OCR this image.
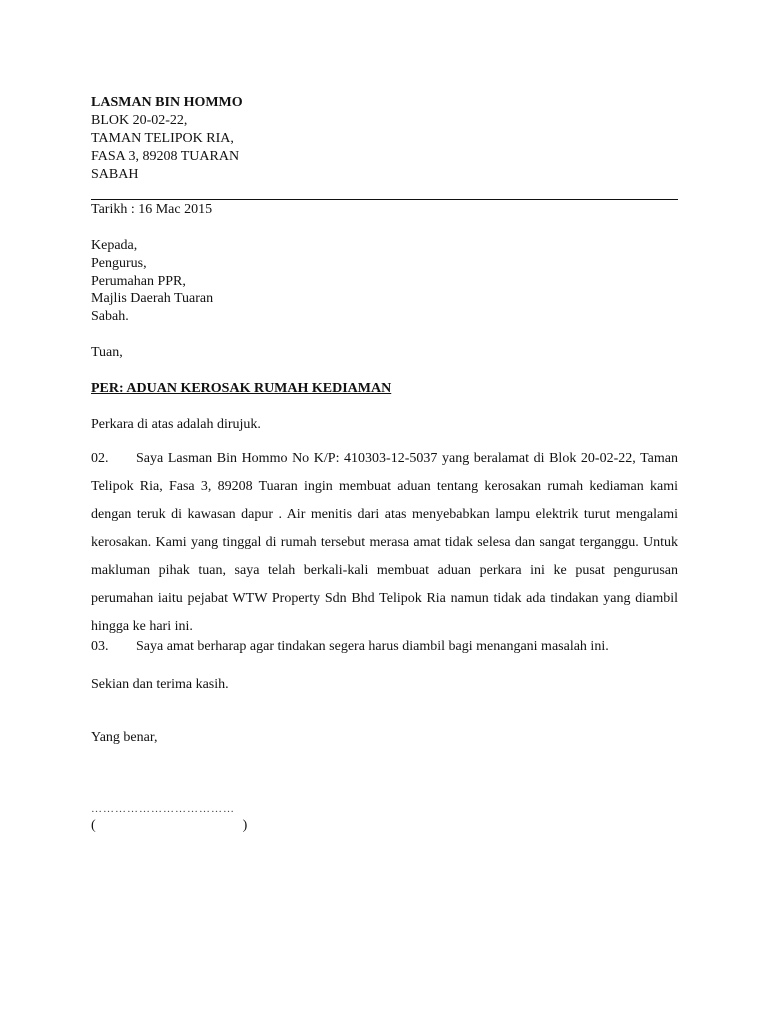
LASMAN BIN HOMMO
BLOK 20-02-22,
TAMAN TELIPOK RIA,
FASA 3, 89208 TUARAN
SABAH
Tarikh : 16 Mac 2015
Kepada,
Pengurus,
Perumahan PPR,
Majlis Daerah Tuaran
Sabah.
Tuan,
PER: ADUAN KEROSAK RUMAH KEDIAMAN
Perkara di atas adalah dirujuk.
02. Saya Lasman Bin Hommo No K/P: 410303-12-5037 yang beralamat di Blok 20-02-22, Taman Telipok Ria, Fasa 3, 89208 Tuaran ingin membuat aduan tentang kerosakan rumah kediaman kami dengan teruk di kawasan dapur . Air menitis dari atas menyebabkan lampu elektrik turut mengalami kerosakan. Kami yang tinggal di rumah tersebut merasa amat tidak selesa dan sangat terganggu. Untuk makluman pihak tuan, saya telah berkali-kali membuat aduan perkara ini ke pusat pengurusan perumahan iaitu pejabat WTW Property Sdn Bhd Telipok Ria namun tidak ada tindakan yang diambil hingga ke hari ini.
03. Saya amat berharap agar tindakan segera harus diambil bagi menangani masalah ini.
Sekian dan terima kasih.
Yang benar,
………………………………
(                                          )
